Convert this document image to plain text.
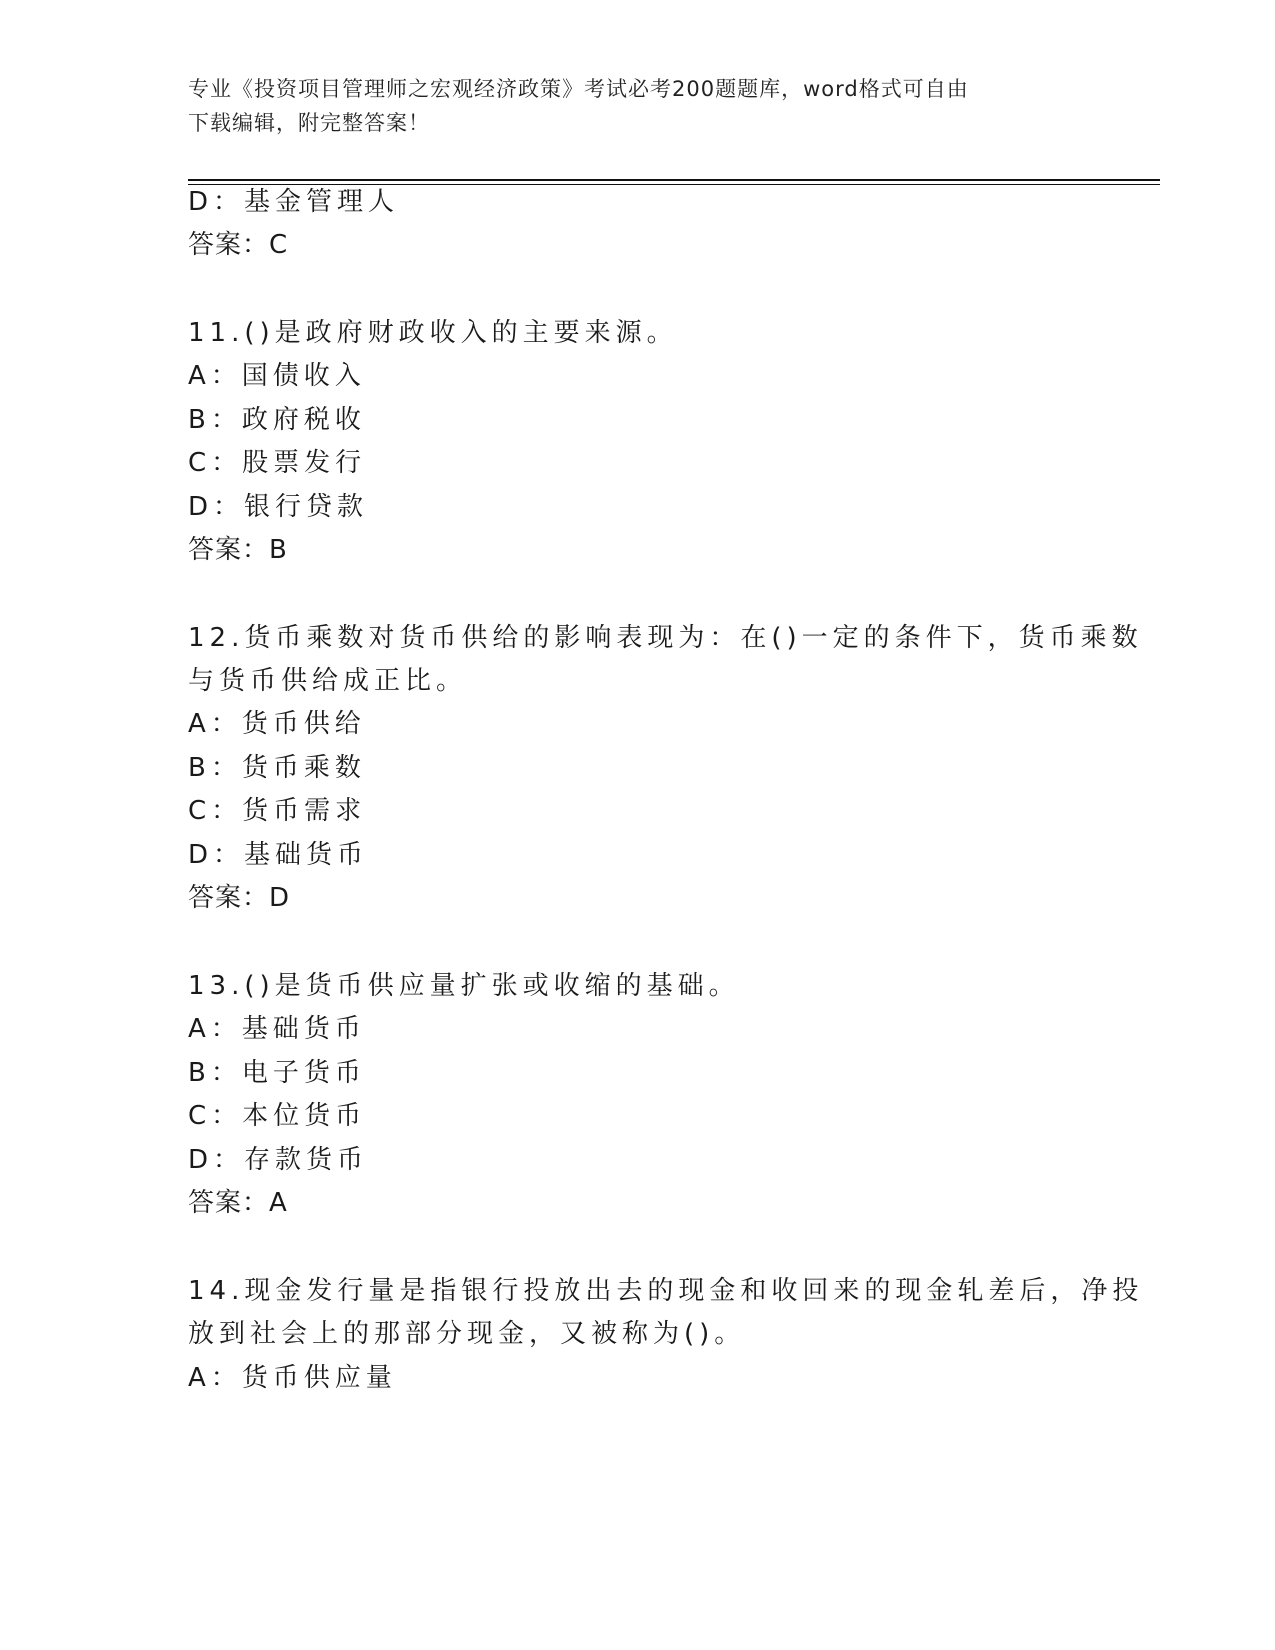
专业《投资项目管理师之宏观经济政策》考试必考200题题库，word格式可自由
下载编辑，附完整答案！
D：基金管理人
答案：C
11.()是政府财政收入的主要来源。
A：国债收入
B：政府税收
C：股票发行
D：银行贷款
答案：B
12.货币乘数对货币供给的影响表现为：在()一定的条件下，货币乘数
与货币供给成正比。
A：货币供给
B：货币乘数
C：货币需求
D：基础货币
答案：D
13.()是货币供应量扩张或收缩的基础。
A：基础货币
B：电子货币
C：本位货币
D：存款货币
答案：A
14.现金发行量是指银行投放出去的现金和收回来的现金轧差后，净投
放到社会上的那部分现金，又被称为()。
A：货币供应量
